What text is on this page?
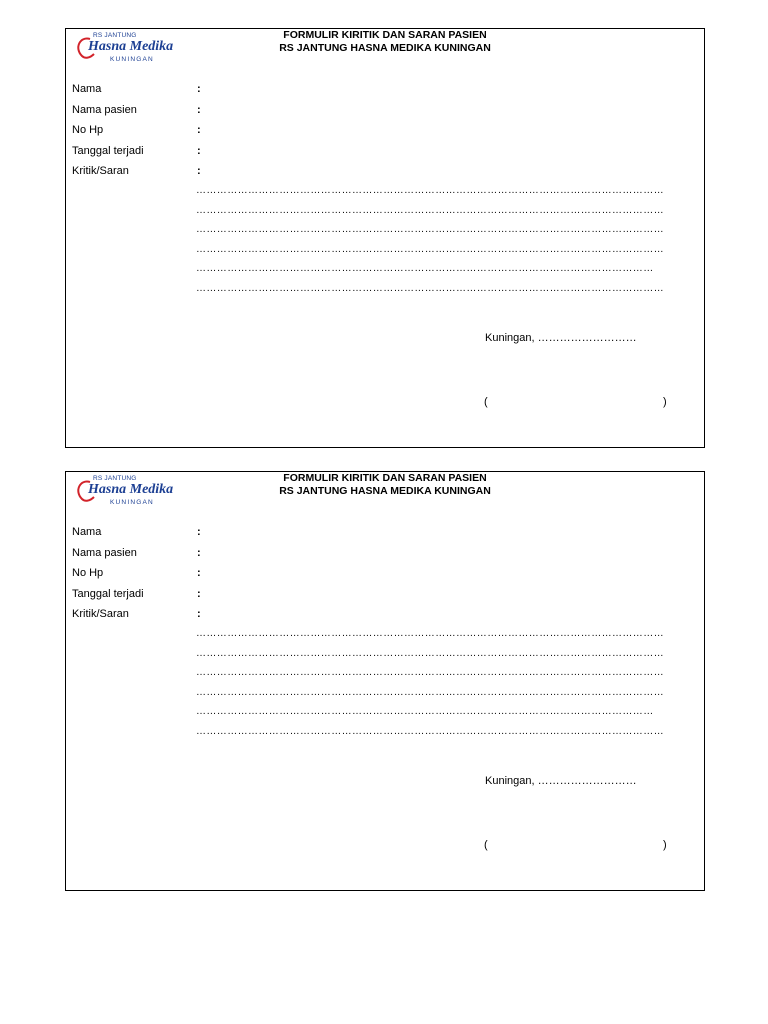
RS JANTUNG
Hasna Medika
KUNINGAN
FORMULIR KIRITIK DAN SARAN PASIEN
RS JANTUNG HASNA MEDIKA KUNINGAN
Nama	:
Nama pasien	:
No Hp	:
Tanggal terjadi	:
Kritik/Saran	:
………………………………………………………………………………………………………………………
………………………………………………………………………………………………………………………
………………………………………………………………………………………………………………………
………………………………………………………………………………………………………………………
……………………………………………………………………………………………………………………
………………………………………………………………………………………………………………………
Kuningan, ………………………
(	)
RS JANTUNG
Hasna Medika
KUNINGAN
FORMULIR KIRITIK DAN SARAN PASIEN
RS JANTUNG HASNA MEDIKA KUNINGAN
Nama	:
Nama pasien	:
No Hp	:
Tanggal terjadi	:
Kritik/Saran	:
………………………………………………………………………………………………………………………
………………………………………………………………………………………………………………………
………………………………………………………………………………………………………………………
………………………………………………………………………………………………………………………
……………………………………………………………………………………………………………………
………………………………………………………………………………………………………………………
Kuningan, ………………………
(	)
